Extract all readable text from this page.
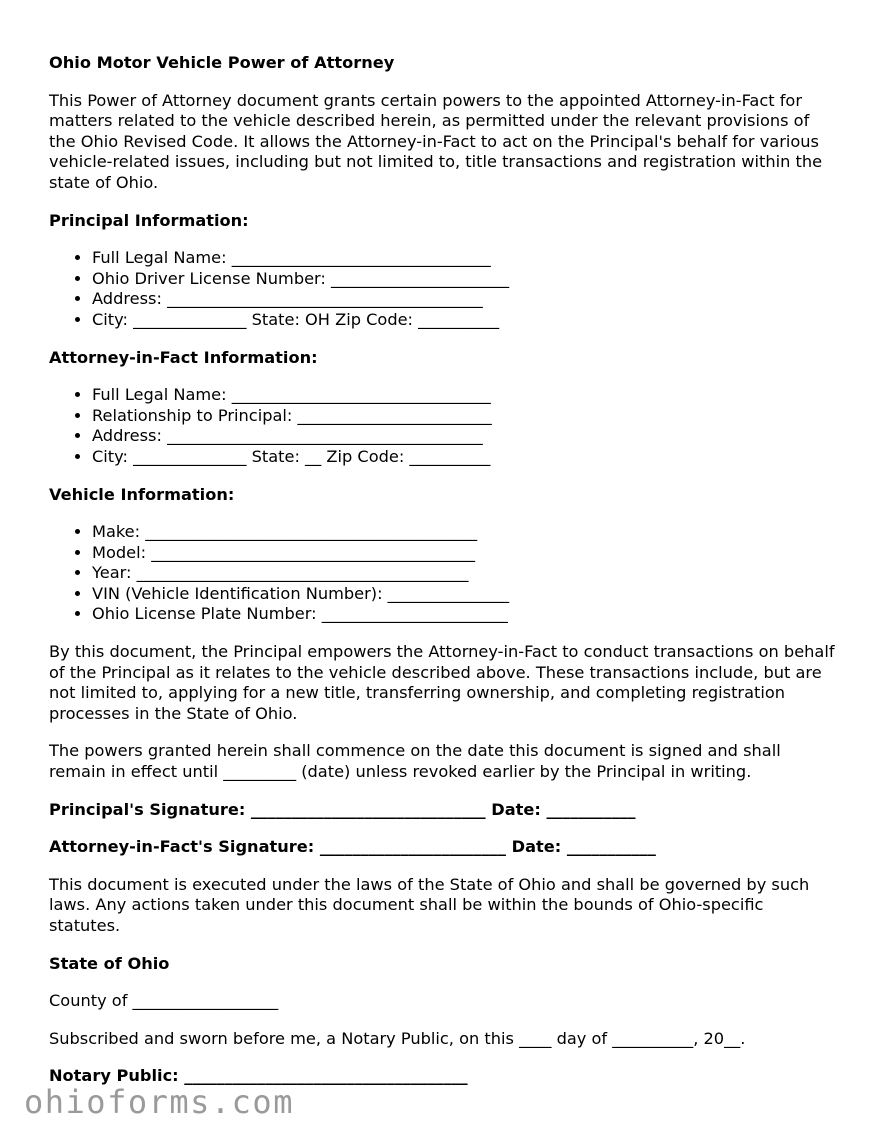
Ohio Motor Vehicle Power of Attorney

This Power of Attorney document grants certain powers to the appointed Attorney-in-Fact for matters related to the vehicle described herein, as permitted under the relevant provisions of the Ohio Revised Code. It allows the Attorney-in-Fact to act on the Principal's behalf for various vehicle-related issues, including but not limited to, title transactions and registration within the state of Ohio.

Principal Information:
• Full Legal Name: ________________________________
• Ohio Driver License Number: ______________________
• Address: _______________________________________
• City: ______________ State: OH Zip Code: __________
Attorney-in-Fact Information:
• Full Legal Name: ________________________________
• Relationship to Principal: ________________________
• Address: _______________________________________
• City: ______________ State: __ Zip Code: __________
Vehicle Information:
• Make: _________________________________________
• Model: ________________________________________
• Year: _________________________________________
• VIN (Vehicle Identification Number): _______________
• Ohio License Plate Number: _______________________

By this document, the Principal empowers the Attorney-in-Fact to conduct transactions on behalf of the Principal as it relates to the vehicle described above. These transactions include, but are not limited to, applying for a new title, transferring ownership, and completing registration processes in the State of Ohio.

The powers granted herein shall commence on the date this document is signed and shall remain in effect until _________ (date) unless revoked earlier by the Principal in writing.

Principal's Signature: _____________________________ Date: ___________

Attorney-in-Fact's Signature: _______________________ Date: ___________

This document is executed under the laws of the State of Ohio and shall be governed by such laws. Any actions taken under this document shall be within the bounds of Ohio-specific statutes.

State of Ohio

County of __________________

Subscribed and sworn before me, a Notary Public, on this ____ day of __________, 20__.

Notary Public: ___________________________________

ohioforms.com
